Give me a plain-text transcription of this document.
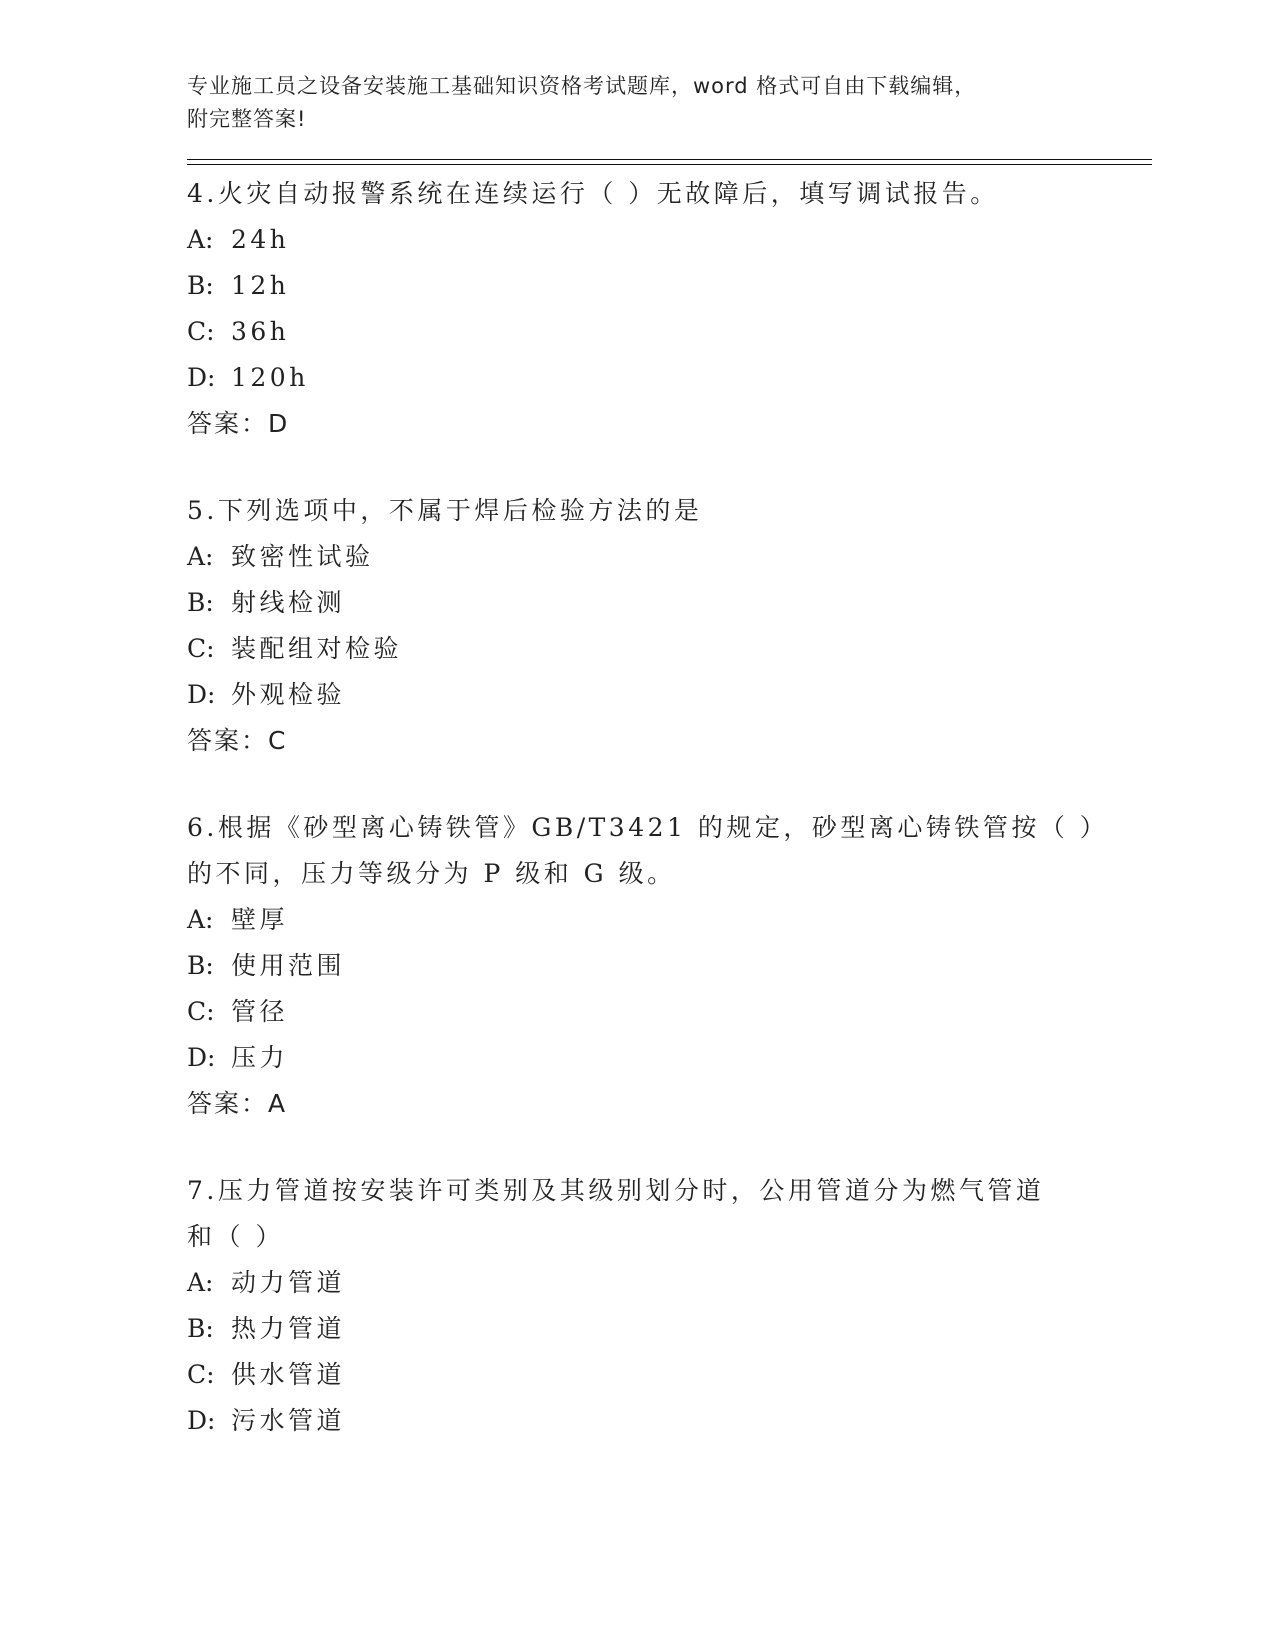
专业施工员之设备安装施工基础知识资格考试题库，word 格式可自由下载编辑，
附完整答案!
4.火灾自动报警系统在连续运行（ ）无故障后，填写调试报告。
A: 24h
B: 12h
C: 36h
D: 120h
答案：D
5.下列选项中，不属于焊后检验方法的是
A: 致密性试验
B: 射线检测
C: 装配组对检验
D: 外观检验
答案：C
6.根据《砂型离心铸铁管》GB/T3421 的规定，砂型离心铸铁管按（ ）
的不同，压力等级分为 P 级和 G 级。
A: 壁厚
B: 使用范围
C: 管径
D: 压力
答案：A
7.压力管道按安装许可类别及其级别划分时，公用管道分为燃气管道
和（ ）
A: 动力管道
B: 热力管道
C: 供水管道
D: 污水管道
